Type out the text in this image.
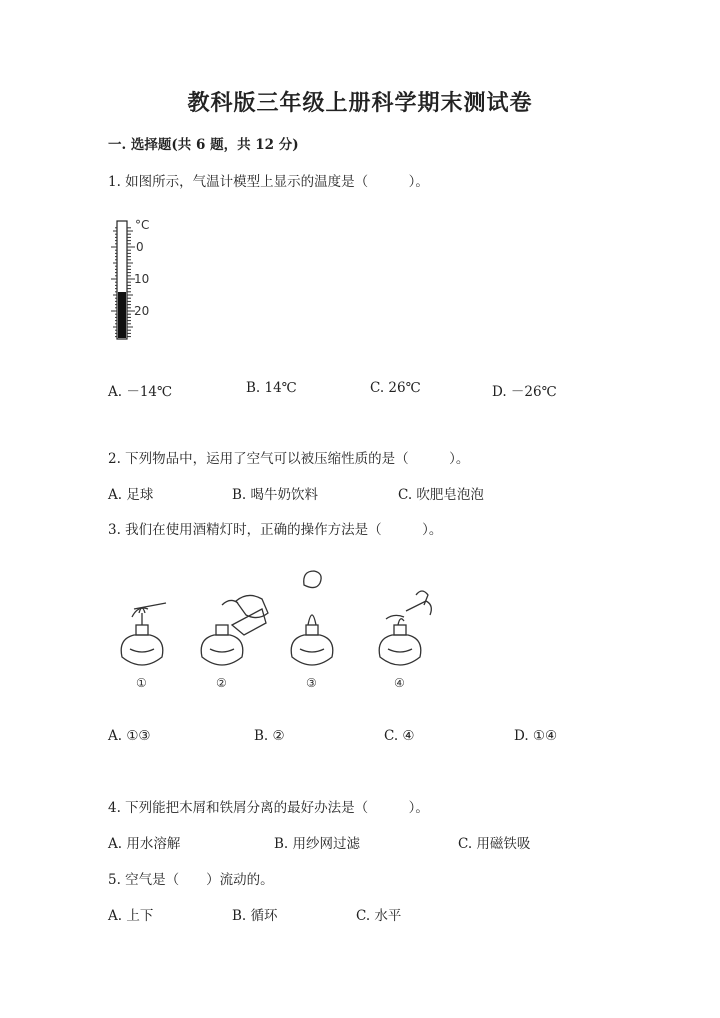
教科版三年级上册科学期末测试卷
一. 选择题(共 6 题，共 12 分)
1. 如图所示，气温计模型上显示的温度是（　　　）。
°C
0
10
20
A. －14℃	B. 14℃	C. 26℃	D. －26℃
2. 下列物品中，运用了空气可以被压缩性质的是（　　　）。
A. 足球	B. 喝牛奶饮料	C. 吹肥皂泡泡
3. 我们在使用酒精灯时，正确的操作方法是（　　　）。
①	②	③	④
A. ①③	B. ②	C. ④	D. ①④
4. 下列能把木屑和铁屑分离的最好办法是（　　　）。
A. 用水溶解	B. 用纱网过滤	C. 用磁铁吸
5. 空气是（　　）流动的。
A. 上下	B. 循环	C. 水平
